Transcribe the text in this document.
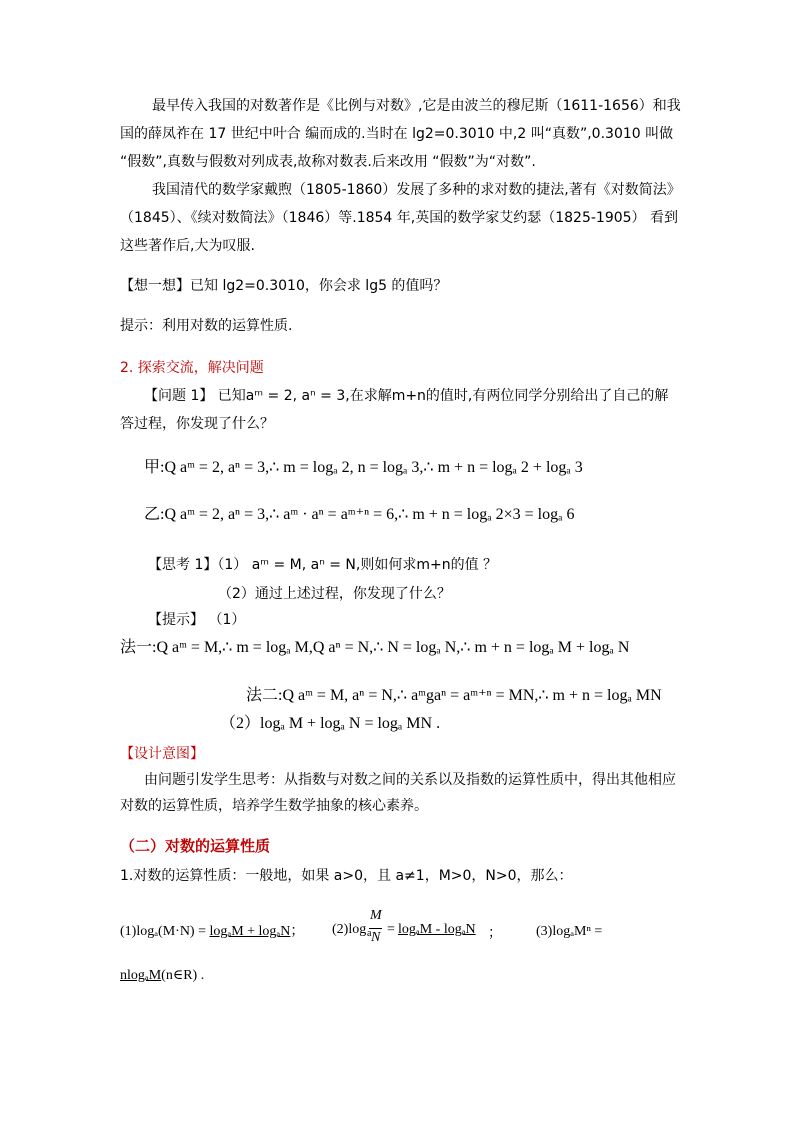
最早传入我国的对数著作是《比例与对数》,它是由波兰的穆尼斯（1611-1656）和我
国的薛凤祚在 17 世纪中叶合 编而成的.当时在 lg2=0.3010 中,2 叫“真数”,0.3010 叫做
“假数”,真数与假数对列成表,故称对数表.后来改用 “假数”为“对数”.
我国清代的数学家戴煦（1805-1860）发展了多种的求对数的捷法,著有《对数简法》
（1845）、《续对数简法》（1846）等.1854 年,英国的数学家艾约瑟（1825-1905） 看到
这些著作后,大为叹服.
【想一想】已知 lg2=0.3010，你会求 lg5 的值吗？
提示：利用对数的运算性质.
2. 探索交流，解决问题
【问题 1】 已知aᵐ = 2, aⁿ = 3,在求解m+n的值时,有两位同学分别给出了自己的解
答过程，你发现了什么？
甲:Q aᵐ = 2, aⁿ = 3,∴ m = logₐ 2, n = logₐ 3,∴ m + n = logₐ 2 + logₐ 3
乙:Q aᵐ = 2, aⁿ = 3,∴ aᵐ · aⁿ = aᵐ⁺ⁿ = 6,∴ m + n = logₐ 2×3 = logₐ 6
【思考 1】（1） aᵐ = M, aⁿ = N,则如何求m+n的值 ？
（2）通过上述过程，你发现了什么？
【提示】 （1）
法一:Q aᵐ = M,∴ m = logₐ M,Q aⁿ = N,∴ N = logₐ N,∴ m + n = logₐ M + logₐ N
法二:Q aᵐ = M, aⁿ = N,∴ aᵐgaⁿ = aᵐ⁺ⁿ = MN,∴ m + n = logₐ MN
（2）logₐ M + logₐ N = logₐ MN .
【设计意图】
由问题引发学生思考：从指数与对数之间的关系以及指数的运算性质中，得出其他相应
对数的运算性质，培养学生数学抽象的核心素养。
（二）对数的运算性质
1.对数的运算性质：一般地，如果 a>0，且 a≠1，M>0，N>0，那么：
(1)logₐ(M·N) = logₐM + logₐN； (2)log a
M
N
= logₐM - logₐN ； (3)logₐMⁿ =
nlogₐM(n∈R) .
